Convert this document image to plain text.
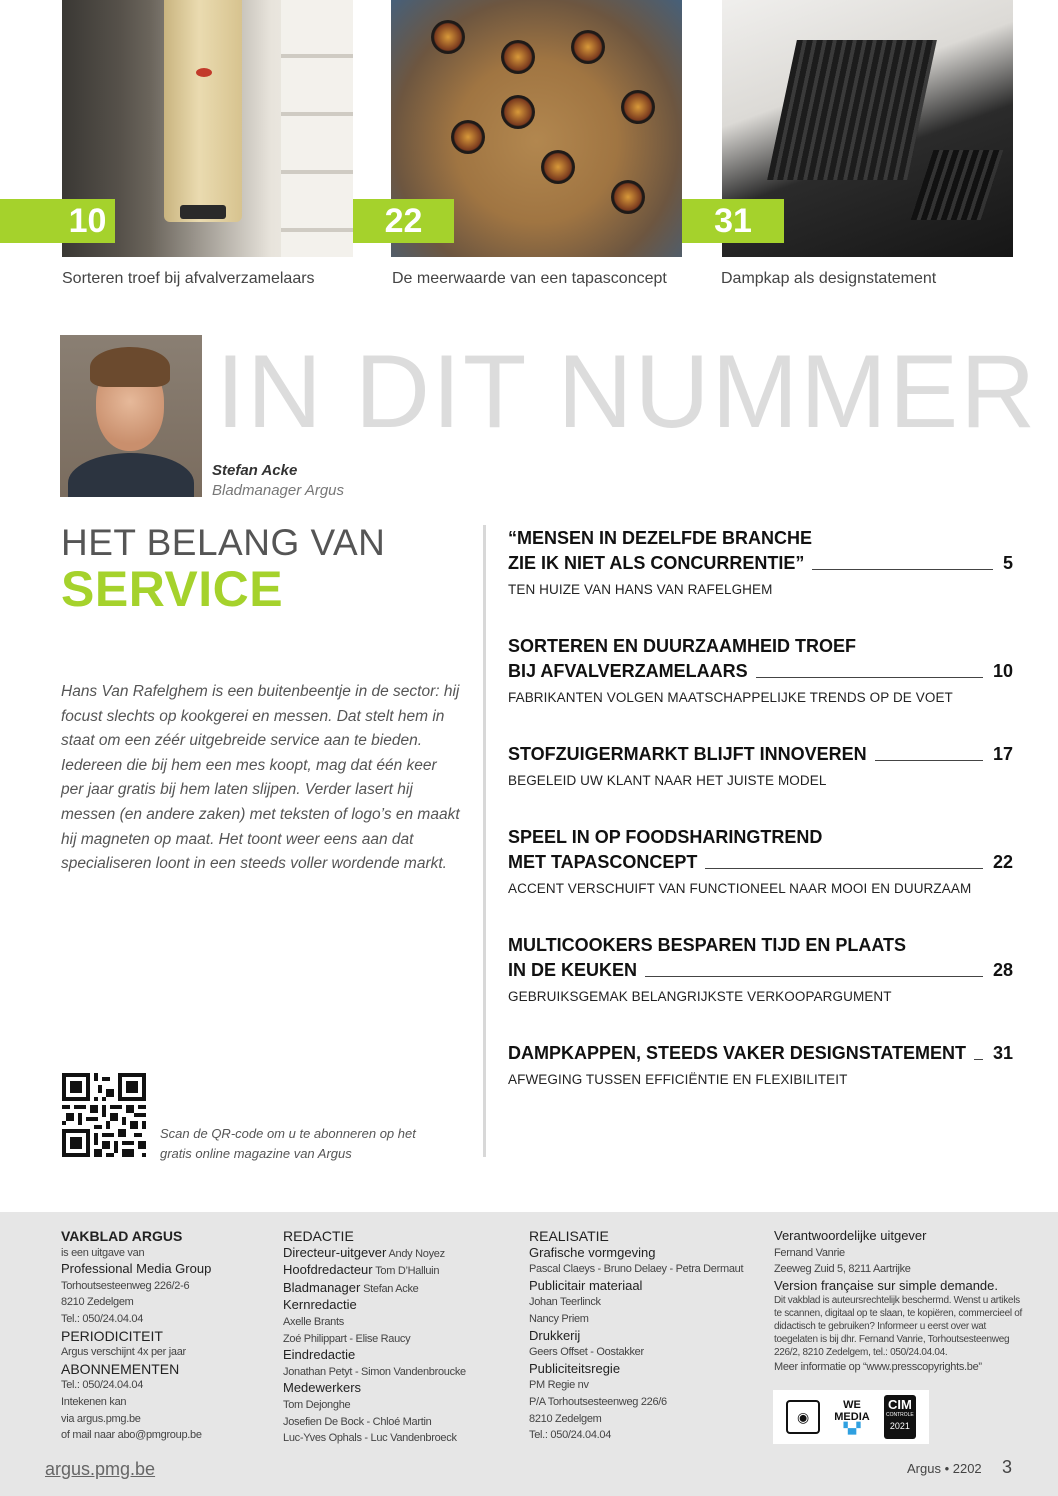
10	22	31
Sorteren troef bij afvalverzamelaars	De meerwaarde van een tapasconcept	Dampkap als designstatement
IN DIT NUMMER
Stefan Acke
Bladmanager Argus
HET BELANG VAN
SERVICE
Hans Van Rafelghem is een buitenbeentje in de sector: hij focust slechts op kookgerei en messen. Dat stelt hem in staat om een zéér uitgebreide service aan te bieden. Iedereen die bij hem een mes koopt, mag dat één keer per jaar gratis bij hem laten slijpen. Verder lasert hij messen (en andere zaken) met teksten of logo’s en maakt hij magneten op maat. Het toont weer eens aan dat specialiseren loont in een steeds voller wordende markt.
Scan de QR-code om u te abonneren op het gratis online magazine van Argus
“MENSEN IN DEZELFDE BRANCHE
ZIE IK NIET ALS CONCURRENTIE”	5
TEN HUIZE VAN HANS VAN RAFELGHEM
SORTEREN EN DUURZAAMHEID TROEF
BIJ AFVALVERZAMELAARS	10
FABRIKANTEN VOLGEN MAATSCHAPPELIJKE TRENDS OP DE VOET
STOFZUIGERMARKT BLIJFT INNOVEREN	17
BEGELEID UW KLANT NAAR HET JUISTE MODEL
SPEEL IN OP FOODSHARINGTREND
MET TAPASCONCEPT	22
ACCENT VERSCHUIFT VAN FUNCTIONEEL NAAR MOOI EN DUURZAAM
MULTICOOKERS BESPAREN TIJD EN PLAATS
IN DE KEUKEN	28
GEBRUIKSGEMAK BELANGRIJKSTE VERKOOPARGUMENT
DAMPKAPPEN, STEEDS VAKER DESIGNSTATEMENT 31
AFWEGING TUSSEN EFFICIËNTIE EN FLEXIBILITEIT
VAKBLAD ARGUS
is een uitgave van
Professional Media Group
Torhoutsesteenweg 226/2-6
8210 Zedelgem
Tel.: 050/24.04.04
PERIODICITEIT
Argus verschijnt 4x per jaar
ABONNEMENTEN
Tel.: 050/24.04.04
Intekenen kan
via argus.pmg.be
of mail naar abo@pmgroup.be
REDACTIE
Directeur-uitgever Andy Noyez
Hoofdredacteur Tom D’Halluin
Bladmanager Stefan Acke
Kernredactie
Axelle Brants
Zoé Philippart - Elise Raucy
Eindredactie
Jonathan Petyt - Simon Vandenbroucke
Medewerkers
Tom Dejonghe
Josefien De Bock - Chloé Martin
Luc-Yves Ophals - Luc Vandenbroeck
REALISATIE
Grafische vormgeving
Pascal Claeys - Bruno Delaey - Petra Dermaut
Publicitair materiaal
Johan Teerlinck
Nancy Priem
Drukkerij
Geers Offset - Oostakker
Publiciteitsregie
PM Regie nv
P/A Torhoutsesteenweg 226/6
8210 Zedelgem
Tel.: 050/24.04.04
Verantwoordelijke uitgever
Fernand Vanrie
Zeeweg Zuid 5, 8211 Aartrijke
Version française sur simple demande.
Dit vakblad is auteursrechtelijk beschermd. Wenst u artikels te scannen, digitaal op te slaan, te kopiëren, commercieel of didactisch te gebruiken? Informeer u eerst over wat toegelaten is bij dhr. Fernand Vanrie, Torhoutsesteenweg 226/2, 8210 Zedelgem, tel.: 050/24.04.04.
Meer informatie op “www.presscopyrights.be”
◉
WE
MEDIA
▚▞
CIM
CONTROLE
2021
argus.pmg.be	Argus • 2202 3
